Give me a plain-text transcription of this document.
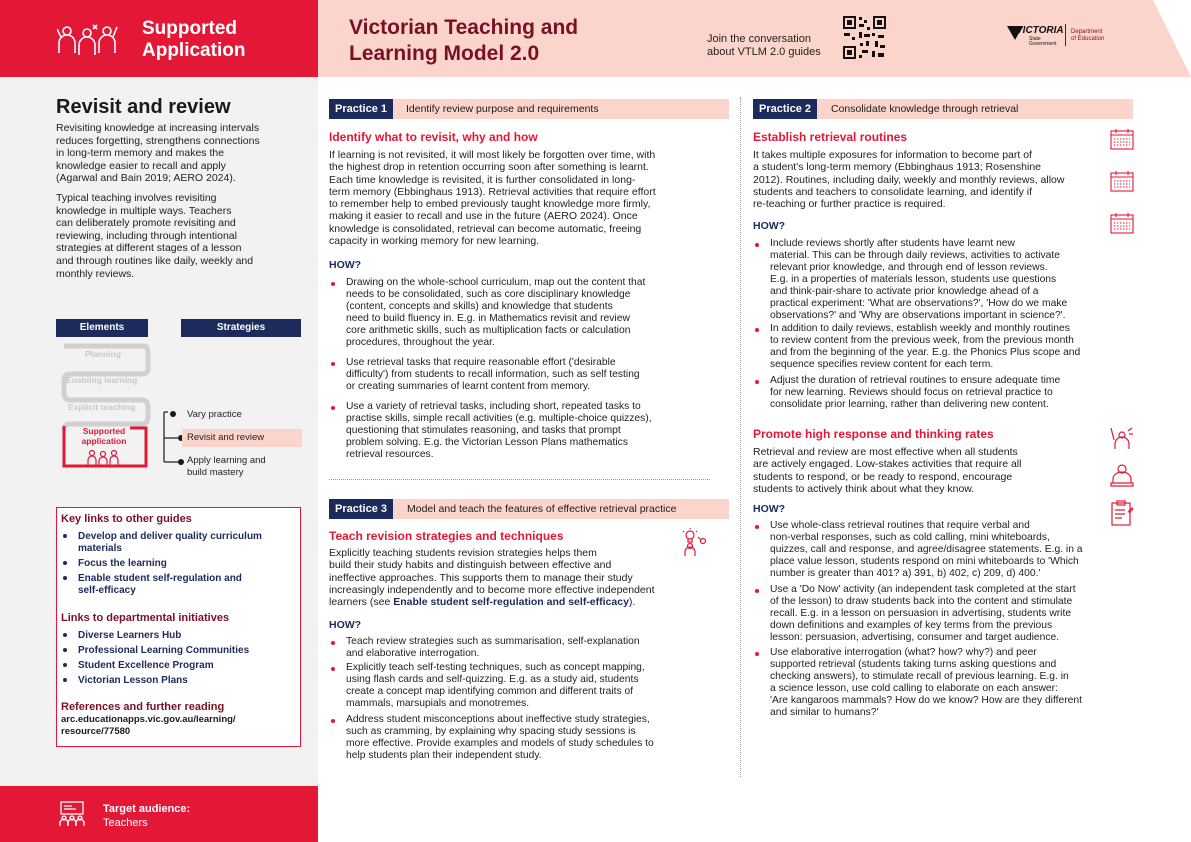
Supported
Application
Victorian Teaching and
Learning Model 2.0
Join the conversation
about VTLM 2.0 guides
VICTORIA
State
Government
Department
of Education
Revisit and review
Revisiting knowledge at increasing intervals
reduces forgetting, strengthens connections
in long-term memory and makes the
knowledge easier to recall and apply
(Agarwal and Bain 2019; AERO 2024).
Typical teaching involves revisiting
knowledge in multiple ways. Teachers
can deliberately promote revisiting and
reviewing, including through intentional
strategies at different stages of a lesson
and through routines like daily, weekly and
monthly reviews.
Elements	Strategies
Planning
Enabling learning
Explicit teaching
Supported
application
Vary practice
Revisit and review
Apply learning and
build mastery
Key links to other guides
Develop and deliver quality curriculum
materials
Focus the learning
Enable student self-regulation and
self-efficacy
Links to departmental initiatives
Diverse Learners Hub
Professional Learning Communities
Student Excellence Program
Victorian Lesson Plans
References and further reading
arc.educationapps.vic.gov.au/learning/
resource/77580
Target audience:
Teachers
Practice 1	Identify review purpose and requirements
Identify what to revisit, why and how
If learning is not revisited, it will most likely be forgotten over time, with
the highest drop in retention occurring soon after something is learnt.
Each time knowledge is revisited, it is further consolidated in long-
term memory (Ebbinghaus 1913). Retrieval activities that require effort
to remember help to embed previously taught knowledge more firmly,
making it easier to recall and use in the future (AERO 2024). Once
knowledge is consolidated, retrieval can become automatic, freeing
capacity in working memory for new learning.
HOW?
Drawing on the whole-school curriculum, map out the content that
needs to be consolidated, such as core disciplinary knowledge
(content, concepts and skills) and knowledge that students
need to build fluency in. E.g. in Mathematics revisit and review
core arithmetic skills, such as multiplication facts or calculation
procedures, throughout the year.
Use retrieval tasks that require reasonable effort ('desirable
difficulty') from students to recall information, such as self testing
or creating summaries of learnt content from memory.
Use a variety of retrieval tasks, including short, repeated tasks to
practise skills, simple recall activities (e.g. multiple-choice quizzes),
questioning that stimulates reasoning, and tasks that prompt
problem solving. E.g. the Victorian Lesson Plans mathematics
retrieval resources.
Practice 3	Model and teach the features of effective retrieval practice
Teach revision strategies and techniques
Explicitly teaching students revision strategies helps them
build their study habits and distinguish between effective and
ineffective approaches. This supports them to manage their study
increasingly independently and to become more effective independent
learners (see Enable student self-regulation and self-efficacy).
HOW?
Teach review strategies such as summarisation, self-explanation
and elaborative interrogation.
Explicitly teach self-testing techniques, such as concept mapping,
using flash cards and self-quizzing. E.g. as a study aid, students
create a concept map identifying common and different traits of
mammals, marsupials and monotremes.
Address student misconceptions about ineffective study strategies,
such as cramming, by explaining why spacing study sessions is
more effective. Provide examples and models of study schedules to
help students plan their independent study.
Practice 2	Consolidate knowledge through retrieval
Establish retrieval routines
It takes multiple exposures for information to become part of
a student's long-term memory (Ebbinghaus 1913; Rosenshine
2012). Routines, including daily, weekly and monthly reviews, allow
students and teachers to consolidate learning, and identify if
re-teaching or further practice is required.
HOW?
Include reviews shortly after students have learnt new
material. This can be through daily reviews, activities to activate
relevant prior knowledge, and through end of lesson reviews.
E.g. in a properties of materials lesson, students use questions
and think-pair-share to activate prior knowledge ahead of a
practical experiment: 'What are observations?', 'How do we make
observations?' and 'Why are observations important in science?'.
In addition to daily reviews, establish weekly and monthly routines
to review content from the previous week, from the previous month
and from the beginning of the year. E.g. the Phonics Plus scope and
sequence specifies review content for each term.
Adjust the duration of retrieval routines to ensure adequate time
for new learning. Reviews should focus on retrieval practice to
consolidate prior learning, rather than delivering new content.
Promote high response and thinking rates
Retrieval and review are most effective when all students
are actively engaged. Low-stakes activities that require all
students to respond, or be ready to respond, encourage
students to actively think about what they know.
HOW?
Use whole-class retrieval routines that require verbal and
non-verbal responses, such as cold calling, mini whiteboards,
quizzes, call and response, and agree/disagree statements. E.g. in a
place value lesson, students respond on mini whiteboards to 'Which
number is greater than 401? a) 391, b) 402, c) 209, d) 400.'
Use a 'Do Now' activity (an independent task completed at the start
of the lesson) to draw students back into the content and stimulate
recall. E.g. in a lesson on persuasion in advertising, students write
down definitions and examples of key terms from the previous
lesson: persuasion, advertising, consumer and target audience.
Use elaborative interrogation (what? how? why?) and peer
supported retrieval (students taking turns asking questions and
checking answers), to stimulate recall of previous learning. E.g. in
a science lesson, use cold calling to elaborate on each answer:
'Are kangaroos mammals? How do we know? How are they different
and similar to humans?'
